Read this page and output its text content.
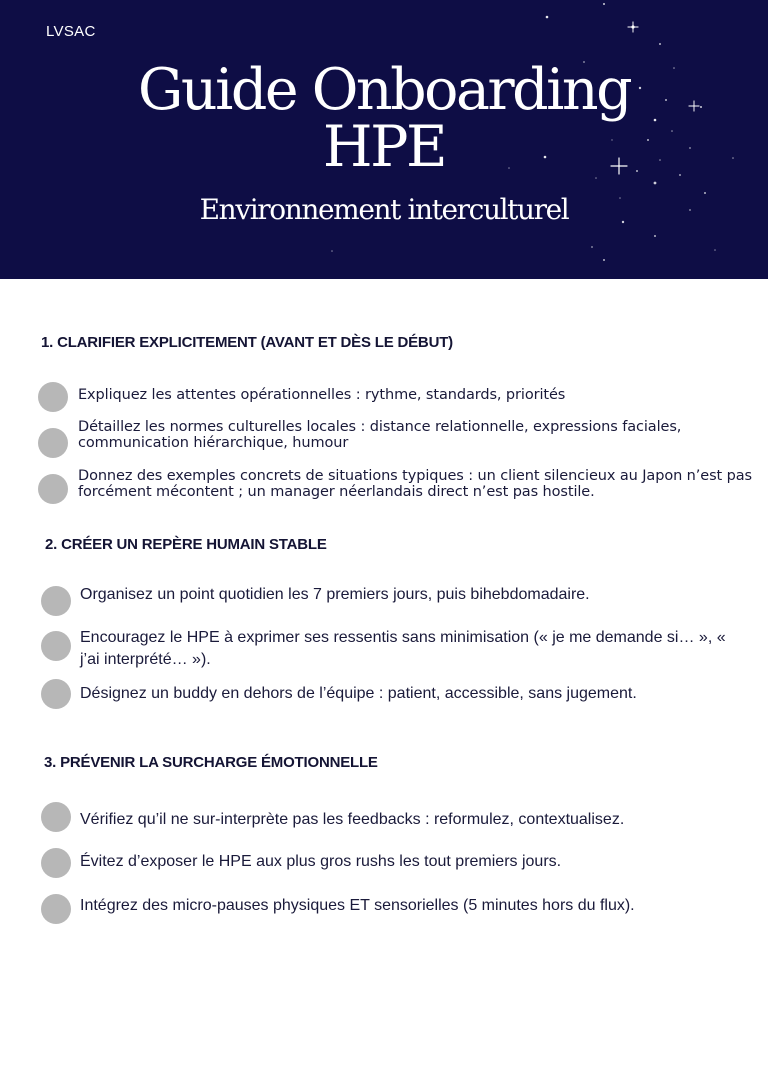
LVSAC
Guide Onboarding
HPE
Environnement interculturel
1. CLARIFIER EXPLICITEMENT (AVANT ET DÈS LE DÉBUT)
Expliquez les attentes opérationnelles : rythme, standards, priorités
Détaillez les normes culturelles locales : distance relationnelle, expressions faciales, communication hiérarchique, humour
Donnez des exemples concrets de situations typiques : un client silencieux au Japon n’est pas forcément mécontent ; un manager néerlandais direct n’est pas hostile.
2. CRÉER UN REPÈRE HUMAIN STABLE
Organisez un point quotidien les 7 premiers jours, puis bihebdomadaire.
Encouragez le HPE à exprimer ses ressentis sans minimisation (« je me demande si… », « j’ai interprété… »).
Désignez un buddy en dehors de l’équipe : patient, accessible, sans jugement.
3. PRÉVENIR LA SURCHARGE ÉMOTIONNELLE
Vérifiez qu’il ne sur-interprète pas les feedbacks : reformulez, contextualisez.
Évitez d’exposer le HPE aux plus gros rushs les tout premiers jours.
Intégrez des micro-pauses physiques ET sensorielles (5 minutes hors du flux).
